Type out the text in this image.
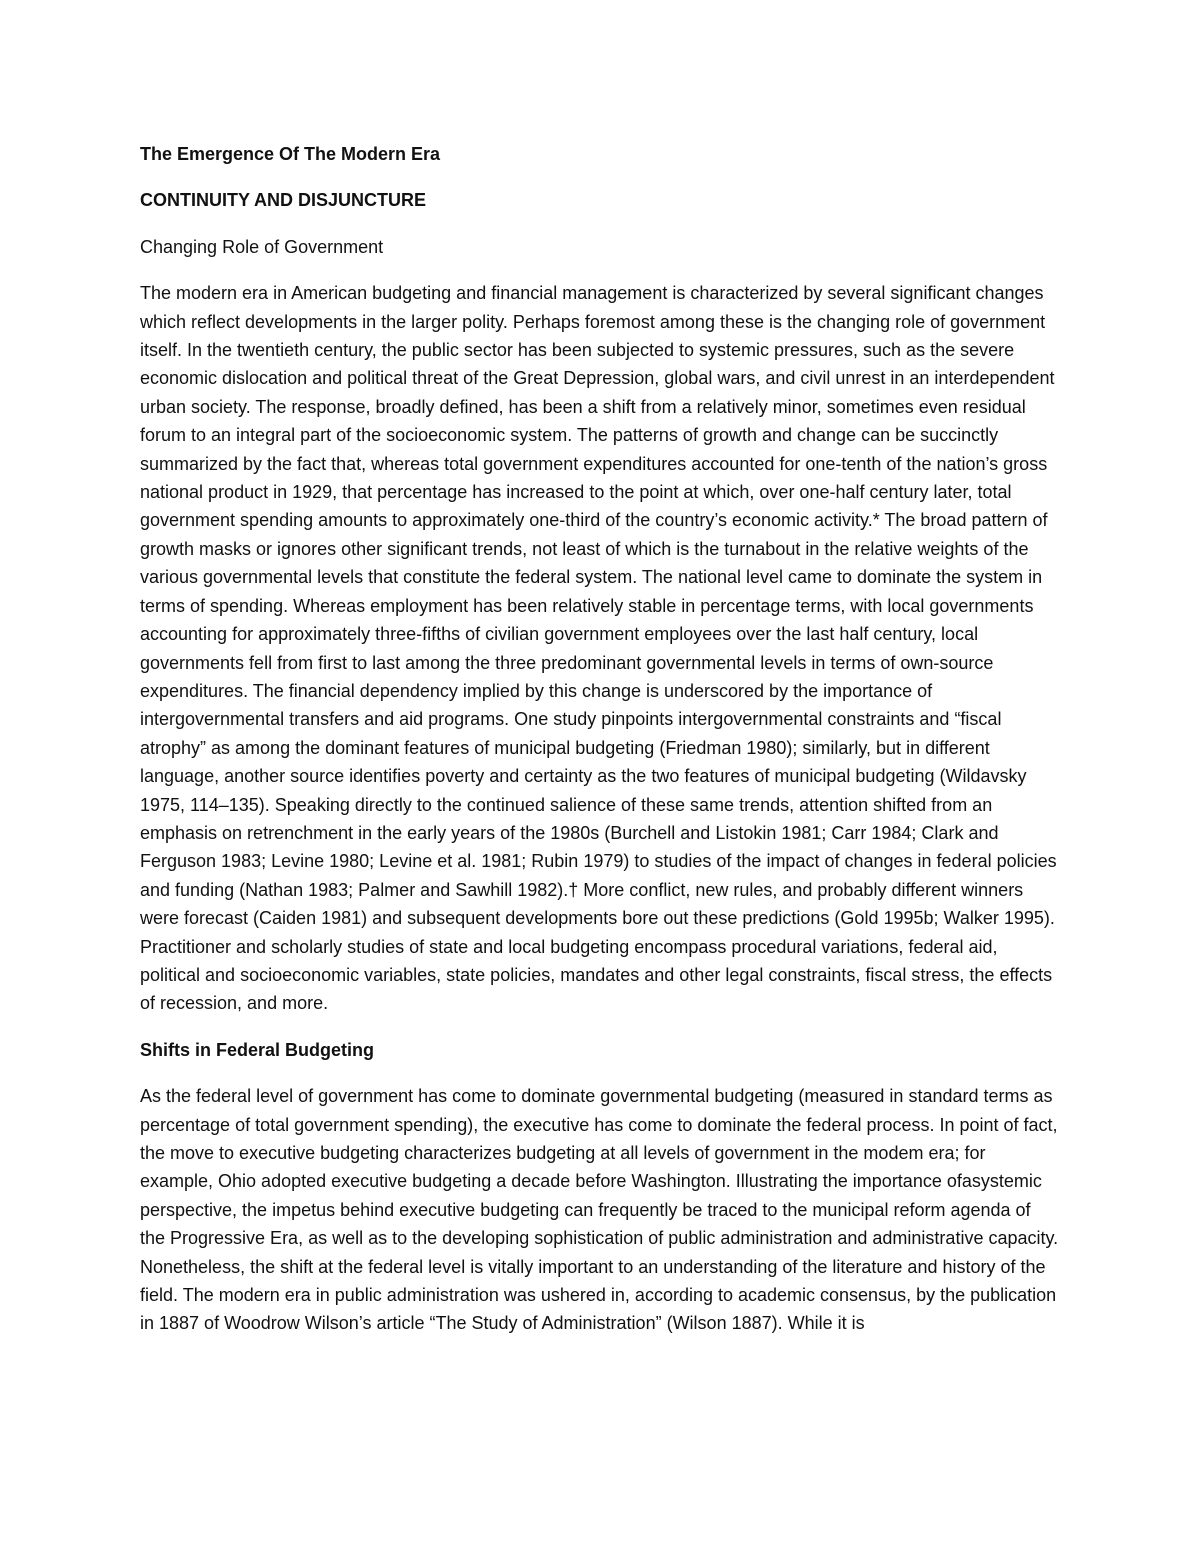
The Emergence Of The Modern Era

CONTINUITY AND DISJUNCTURE

Changing Role of Government

The modern era in American budgeting and financial management is characterized by several significant changes which reflect developments in the larger polity. Perhaps foremost among these is the changing role of government itself. In the twentieth century, the public sector has been subjected to systemic pressures, such as the severe economic dislocation and political threat of the Great Depression, global wars, and civil unrest in an interdependent urban society. The response, broadly defined, has been a shift from a relatively minor, sometimes even residual forum to an integral part of the socioeconomic system. The patterns of growth and change can be succinctly summarized by the fact that, whereas total government expenditures accounted for one-tenth of the nation’s gross national product in 1929, that percentage has increased to the point at which, over one-half century later, total government spending amounts to approximately one-third of the country’s economic activity.* The broad pattern of growth masks or ignores other significant trends, not least of which is the turnabout in the relative weights of the various governmental levels that constitute the federal system. The national level came to dominate the system in terms of spending. Whereas employment has been relatively stable in percentage terms, with local governments accounting for approximately three-fifths of civilian government employees over the last half century, local governments fell from first to last among the three predominant governmental levels in terms of own-source expenditures. The financial dependency implied by this change is underscored by the importance of intergovernmental transfers and aid programs. One study pinpoints intergovernmental constraints and “fiscal atrophy” as among the dominant features of municipal budgeting (Friedman 1980); similarly, but in different language, another source identifies poverty and certainty as the two features of municipal budgeting (Wildavsky 1975, 114–135). Speaking directly to the continued salience of these same trends, attention shifted from an emphasis on retrenchment in the early years of the 1980s (Burchell and Listokin 1981; Carr 1984; Clark and Ferguson 1983; Levine 1980; Levine et al. 1981; Rubin 1979) to studies of the impact of changes in federal policies and funding (Nathan 1983; Palmer and Sawhill 1982).† More conflict, new rules, and probably different winners were forecast (Caiden 1981) and subsequent developments bore out these predictions (Gold 1995b; Walker 1995). Practitioner and scholarly studies of state and local budgeting encompass procedural variations, federal aid, political and socioeconomic variables, state policies, mandates and other legal constraints, fiscal stress, the effects of recession, and more.

Shifts in Federal Budgeting

As the federal level of government has come to dominate governmental budgeting (measured in standard terms as percentage of total government spending), the executive has come to dominate the federal process. In point of fact, the move to executive budgeting characterizes budgeting at all levels of government in the modem era; for example, Ohio adopted executive budgeting a decade before Washington. Illustrating the importance ofasystemic perspective, the impetus behind executive budgeting can frequently be traced to the municipal reform agenda of the Progressive Era, as well as to the developing sophistication of public administration and administrative capacity. Nonetheless, the shift at the federal level is vitally important to an understanding of the literature and history of the field. The modern era in public administration was ushered in, according to academic consensus, by the publication in 1887 of Woodrow Wilson’s article “The Study of Administration” (Wilson 1887). While it is
